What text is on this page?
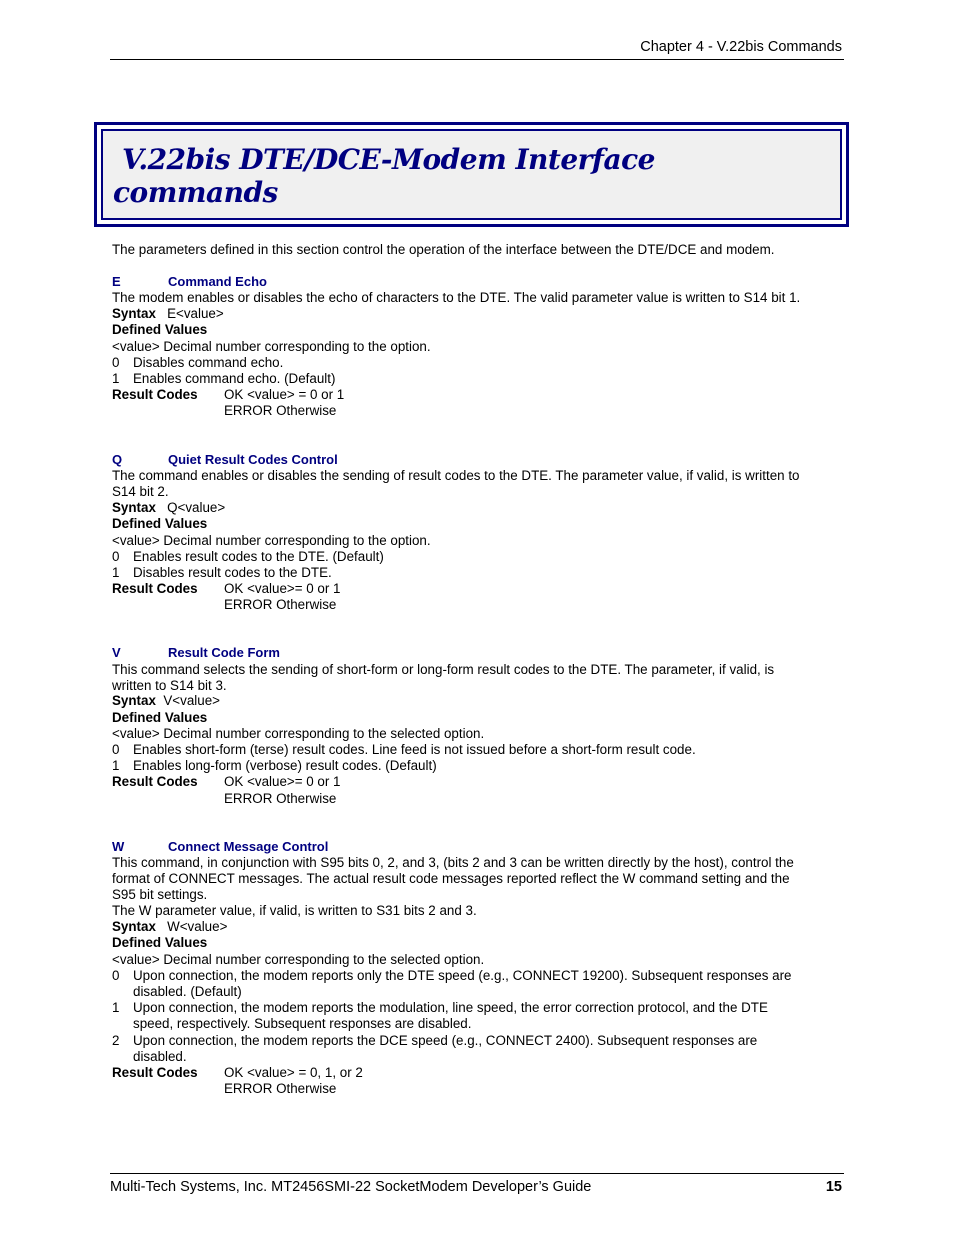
Chapter 4 - V.22bis Commands
V.22bis DTE/DCE-Modem Interface
commands
The parameters defined in this section control the operation of the interface between the DTE/DCE and modem.
E	Command Echo
The modem enables or disables the echo of characters to the DTE. The valid parameter value is written to S14 bit 1.
Syntax E<value>
Defined Values
<value> Decimal number corresponding to the option.
0 Disables command echo.
1 Enables command echo. (Default)
Result Codes OK <value> = 0 or 1
ERROR Otherwise
Q	Quiet Result Codes Control
The command enables or disables the sending of result codes to the DTE. The parameter value, if valid, is written to
S14 bit 2.
Syntax Q<value>
Defined Values
<value> Decimal number corresponding to the option.
0 Enables result codes to the DTE. (Default)
1 Disables result codes to the DTE.
Result Codes OK <value>= 0 or 1
ERROR Otherwise
V	Result Code Form
This command selects the sending of short-form or long-form result codes to the DTE. The parameter, if valid, is
written to S14 bit 3.
Syntax V<value>
Defined Values
<value> Decimal number corresponding to the selected option.
0 Enables short-form (terse) result codes. Line feed is not issued before a short-form result code.
1 Enables long-form (verbose) result codes. (Default)
Result Codes OK <value>= 0 or 1
ERROR Otherwise
W	Connect Message Control
This command, in conjunction with S95 bits 0, 2, and 3, (bits 2 and 3 can be written directly by the host), control the
format of CONNECT messages. The actual result code messages reported reflect the W command setting and the
S95 bit settings.
The W parameter value, if valid, is written to S31 bits 2 and 3.
Syntax W<value>
Defined Values
<value> Decimal number corresponding to the selected option.
0 Upon connection, the modem reports only the DTE speed (e.g., CONNECT 19200). Subsequent responses are
disabled. (Default)
1 Upon connection, the modem reports the modulation, line speed, the error correction protocol, and the DTE
speed, respectively. Subsequent responses are disabled.
2 Upon connection, the modem reports the DCE speed (e.g., CONNECT 2400). Subsequent responses are
disabled.
Result Codes OK <value> = 0, 1, or 2
ERROR Otherwise
Multi-Tech Systems, Inc. MT2456SMI-22 SocketModem Developer’s Guide	15
